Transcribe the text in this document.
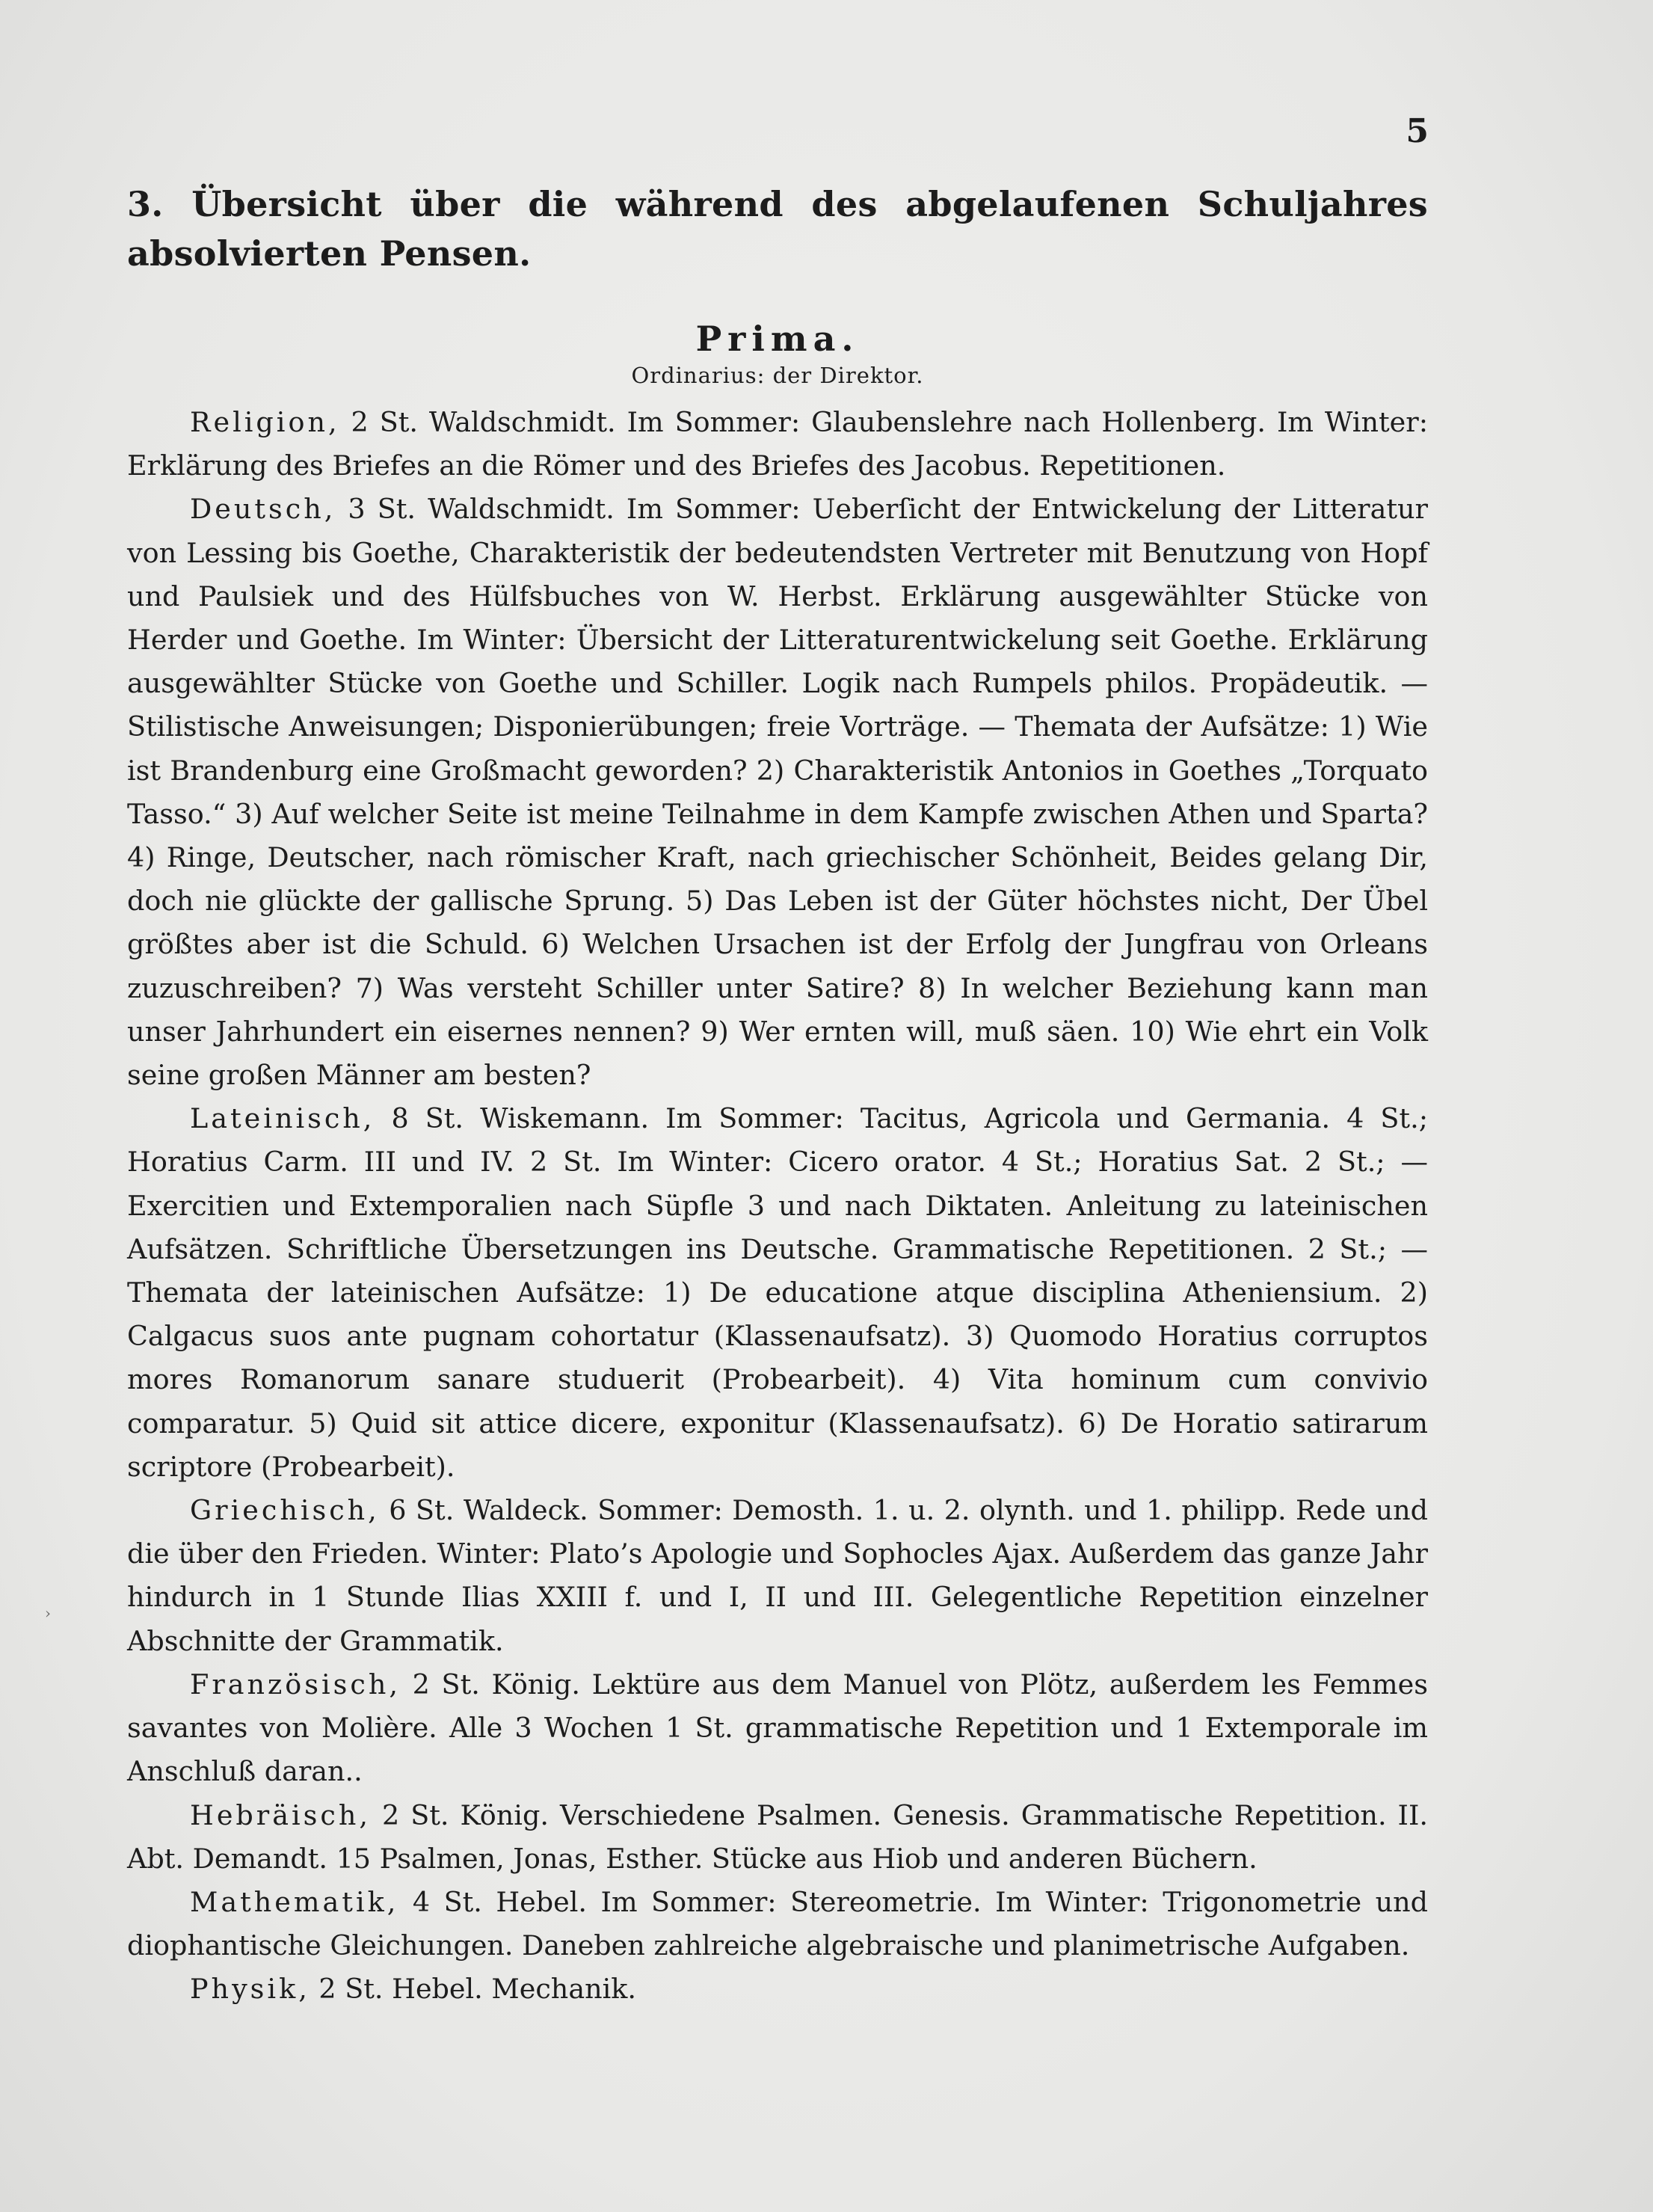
5
›

3. Übersicht über die während des abgelaufenen Schuljahres absolvierten Pensen.

Prima.

Ordinarius: der Direktor.

Religion, 2 St. Waldschmidt. Im Sommer: Glaubenslehre nach Hollenberg. Im Winter: Erklärung des Briefes an die Römer und des Briefes des Jacobus. Repetitionen.

Deutsch, 3 St. Waldschmidt. Im Sommer: Ueberſicht der Entwickelung der Litteratur von Lessing bis Goethe, Charakteristik der bedeutendsten Vertreter mit Benutzung von Hopf und Paulsiek und des Hülfsbuches von W. Herbst. Erklärung ausgewählter Stücke von Herder und Goethe. Im Winter: Übersicht der Litteraturentwickelung seit Goethe. Erklärung ausgewählter Stücke von Goethe und Schiller. Logik nach Rumpels philos. Propädeutik. — Stilistische Anweisungen; Disponierübungen; freie Vorträge. — Themata der Aufsätze: 1) Wie ist Brandenburg eine Großmacht geworden? 2) Charakteristik Antonios in Goethes „Torquato Tasso.“ 3) Auf welcher Seite ist meine Teilnahme in dem Kampfe zwischen Athen und Sparta? 4) Ringe, Deutscher, nach römischer Kraft, nach griechischer Schönheit, Beides gelang Dir, doch nie glückte der gallische Sprung. 5) Das Leben ist der Güter höchstes nicht, Der Übel größtes aber ist die Schuld. 6) Welchen Ursachen ist der Erfolg der Jungfrau von Orleans zuzuschreiben? 7) Was versteht Schiller unter Satire? 8) In welcher Beziehung kann man unser Jahrhundert ein eisernes nennen? 9) Wer ernten will, muß säen. 10) Wie ehrt ein Volk seine großen Männer am besten?

Lateinisch, 8 St. Wiskemann. Im Sommer: Tacitus, Agricola und Germania. 4 St.; Horatius Carm. III und IV. 2 St. Im Winter: Cicero orator. 4 St.; Horatius Sat. 2 St.; — Exercitien und Extemporalien nach Süpfle 3 und nach Diktaten. Anleitung zu lateinischen Aufsätzen. Schriftliche Übersetzungen ins Deutsche. Grammatische Repetitionen. 2 St.; — Themata der lateinischen Aufsätze: 1) De educatione atque disciplina Atheniensium. 2) Calgacus suos ante pugnam cohortatur (Klassenaufsatz). 3) Quomodo Horatius corruptos mores Romanorum sanare studuerit (Probearbeit). 4) Vita hominum cum convivio comparatur. 5) Quid sit attice dicere, exponitur (Klassenaufsatz). 6) De Horatio satirarum scriptore (Probearbeit).

Griechisch, 6 St. Waldeck. Sommer: Demosth. 1. u. 2. olynth. und 1. philipp. Rede und die über den Frieden. Winter: Plato’s Apologie und Sophocles Ajax. Außerdem das ganze Jahr hindurch in 1 Stunde Ilias XXIII f. und I, II und III. Gelegentliche Repetition einzelner Abschnitte der Grammatik.

Französisch, 2 St. König. Lektüre aus dem Manuel von Plötz, außerdem les Femmes savantes von Molière. Alle 3 Wochen 1 St. grammatische Repetition und 1 Extemporale im Anschluß daran..

Hebräisch, 2 St. König. Verschiedene Psalmen. Genesis. Grammatische Repetition. II. Abt. Demandt. 15 Psalmen, Jonas, Esther. Stücke aus Hiob und anderen Büchern.

Mathematik, 4 St. Hebel. Im Sommer: Stereometrie. Im Winter: Trigonometrie und diophantische Gleichungen. Daneben zahlreiche algebraische und planimetrische Aufgaben.

Physik, 2 St. Hebel. Mechanik.
